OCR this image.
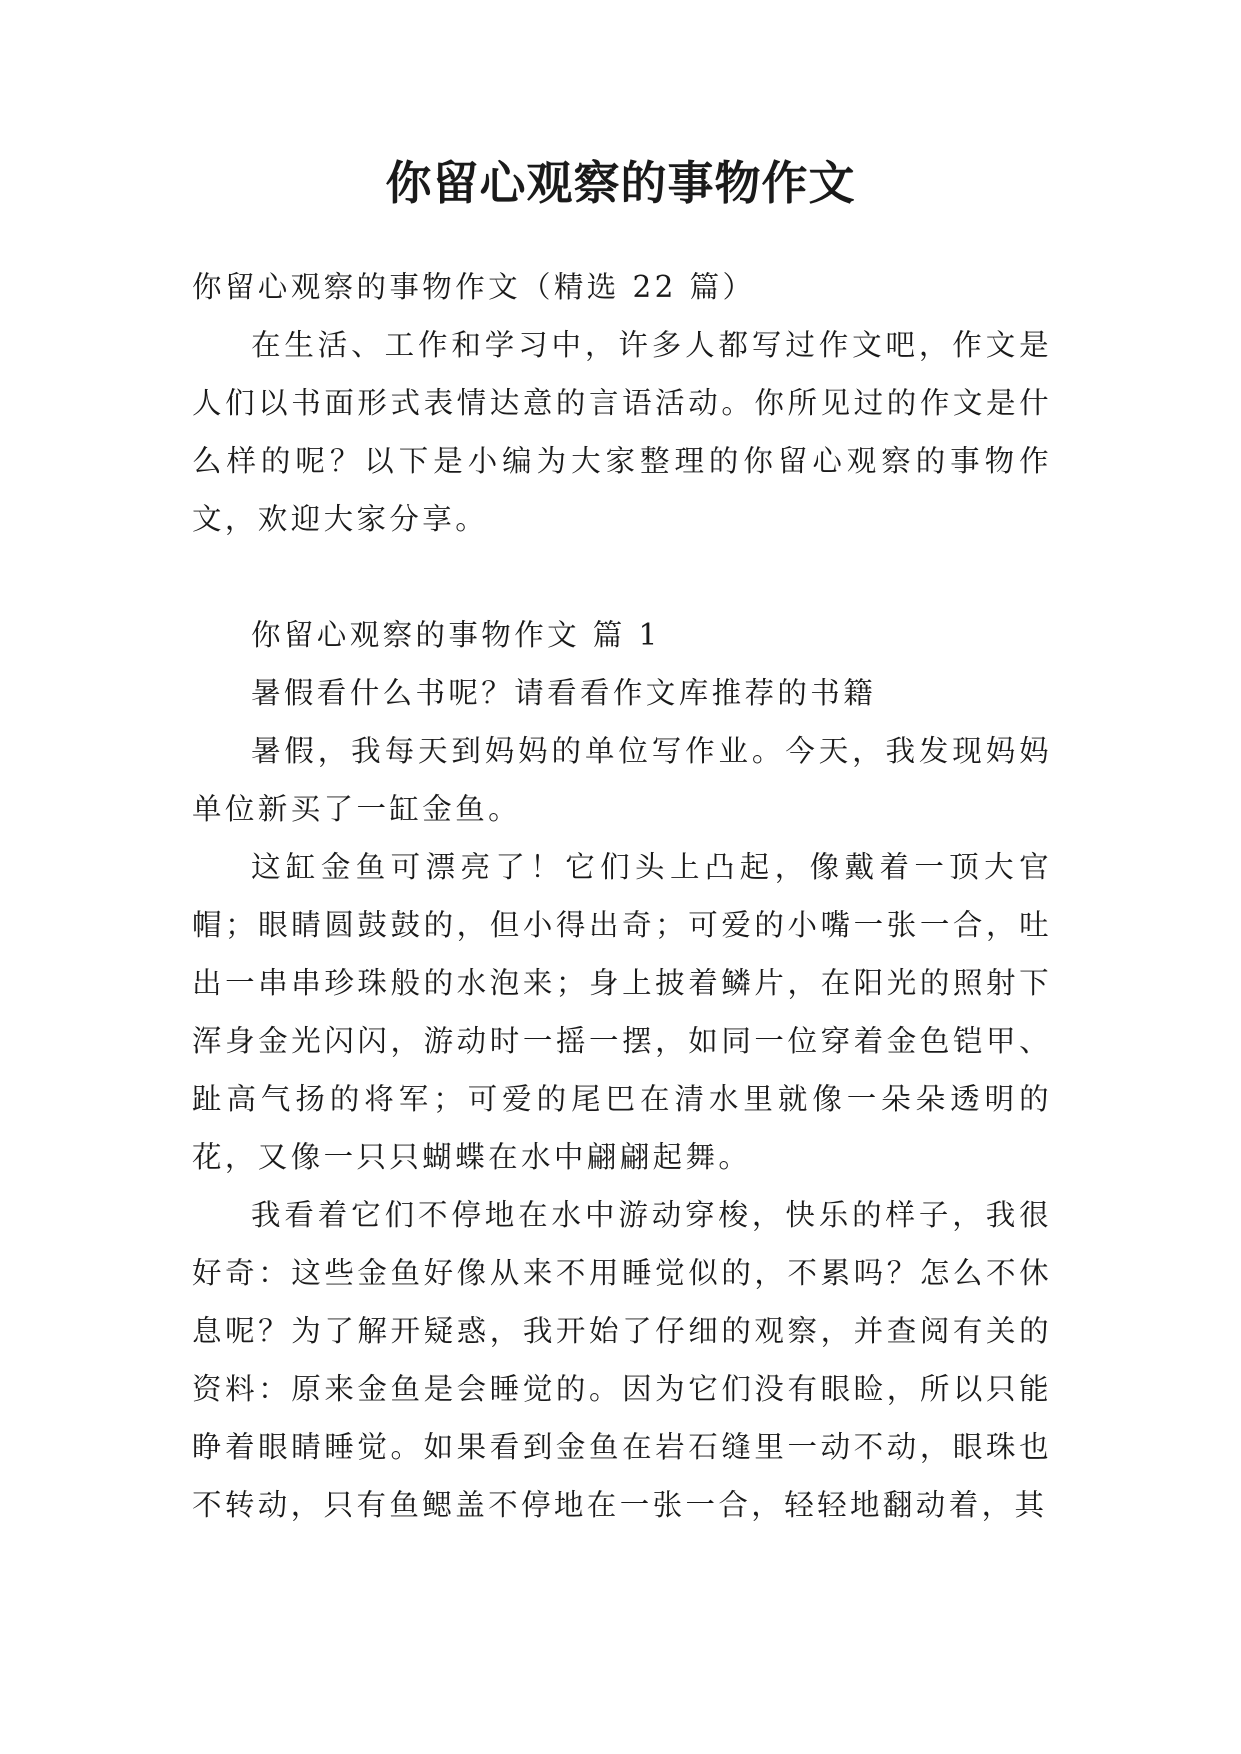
你留心观察的事物作文

你留心观察的事物作文（精选 22 篇）

在生活、工作和学习中，许多人都写过作文吧，作文是人们以书面形式表情达意的言语活动。你所见过的作文是什么样的呢？以下是小编为大家整理的你留心观察的事物作文，欢迎大家分享。

你留心观察的事物作文 篇 1

暑假看什么书呢？请看看作文库推荐的书籍

暑假，我每天到妈妈的单位写作业。今天，我发现妈妈单位新买了一缸金鱼。

这缸金鱼可漂亮了！它们头上凸起，像戴着一顶大官帽；眼睛圆鼓鼓的，但小得出奇；可爱的小嘴一张一合，吐出一串串珍珠般的水泡来；身上披着鳞片，在阳光的照射下浑身金光闪闪，游动时一摇一摆，如同一位穿着金色铠甲、趾高气扬的将军；可爱的尾巴在清水里就像一朵朵透明的花，又像一只只蝴蝶在水中翩翩起舞。

我看着它们不停地在水中游动穿梭，快乐的样子，我很好奇：这些金鱼好像从来不用睡觉似的，不累吗？怎么不休息呢？为了解开疑惑，我开始了仔细的观察，并查阅有关的资料：原来金鱼是会睡觉的。因为它们没有眼睑，所以只能睁着眼睛睡觉。如果看到金鱼在岩石缝里一动不动，眼珠也不转动，只有鱼鳃盖不停地在一张一合，轻轻地翻动着，其
